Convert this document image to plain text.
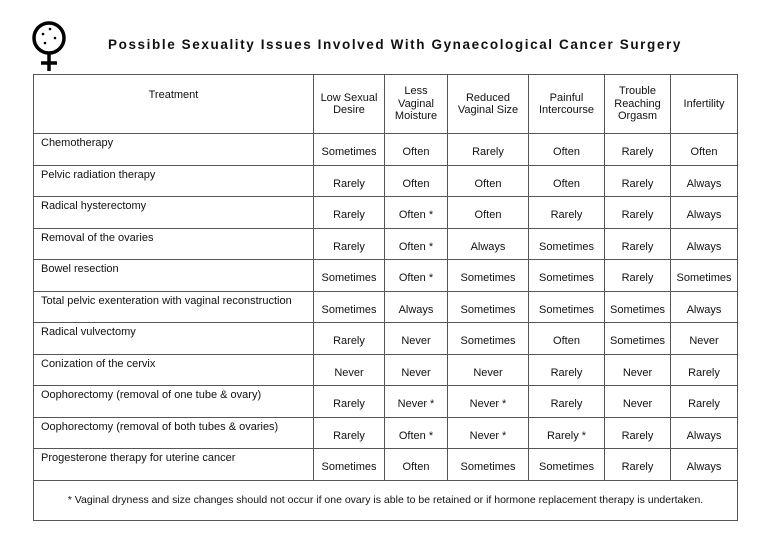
Possible Sexuality Issues Involved With Gynaecological Cancer Surgery
Treatment	Low Sexual Desire	Less Vaginal Moisture	Reduced Vaginal Size	Painful Intercourse	Trouble Reaching Orgasm	Infertility
Chemotherapy	Sometimes	Often	Rarely	Often	Rarely	Often
Pelvic radiation therapy	Rarely	Often	Often	Often	Rarely	Always
Radical hysterectomy	Rarely	Often *	Often	Rarely	Rarely	Always
Removal of the ovaries	Rarely	Often *	Always	Sometimes	Rarely	Always
Bowel resection	Sometimes	Often *	Sometimes	Sometimes	Rarely	Sometimes
Total pelvic exenteration with vaginal reconstruction	Sometimes	Always	Sometimes	Sometimes	Sometimes	Always
Radical vulvectomy	Rarely	Never	Sometimes	Often	Sometimes	Never
Conization of the cervix	Never	Never	Never	Rarely	Never	Rarely
Oophorectomy (removal of one tube & ovary)	Rarely	Never *	Never *	Rarely	Never	Rarely
Oophorectomy (removal of both tubes & ovaries)	Rarely	Often *	Never *	Rarely *	Rarely	Always
Progesterone therapy for uterine cancer	Sometimes	Often	Sometimes	Sometimes	Rarely	Always
* Vaginal dryness and size changes should not occur if one ovary is able to be retained or if hormone replacement therapy is undertaken.						
